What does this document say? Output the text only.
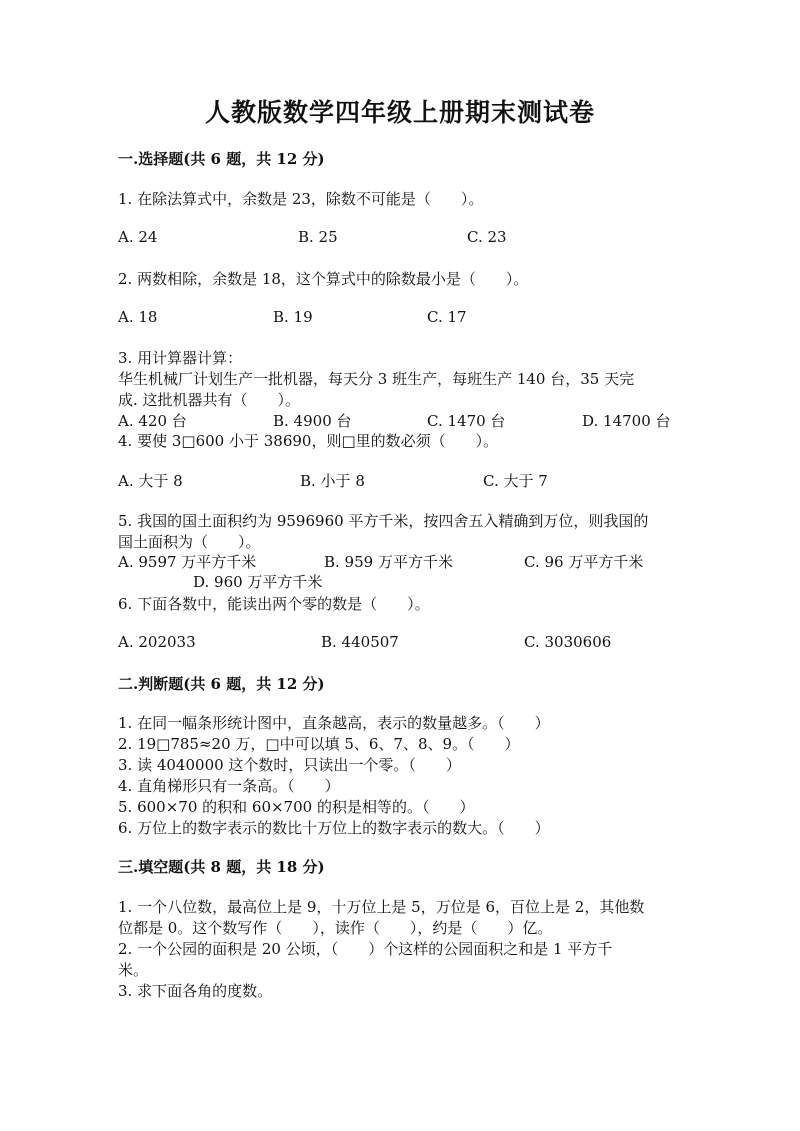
人教版数学四年级上册期末测试卷
一.选择题(共 6 题，共 12 分)
1. 在除法算式中，余数是 23，除数不可能是（　　）。
A. 24	B. 25	C. 23
2. 两数相除，余数是 18，这个算式中的除数最小是（　　）。
A. 18	B. 19	C. 17
3. 用计算器计算：
华生机械厂计划生产一批机器，每天分 3 班生产，每班生产 140 台，35 天完
成. 这批机器共有（　　）。
A. 420 台	B. 4900 台	C. 1470 台	D. 14700 台
4. 要使 3□600 小于 38690，则□里的数必须（　　）。
A. 大于 8	B. 小于 8	C. 大于 7
5. 我国的国土面积约为 9596960 平方千米，按四舍五入精确到万位，则我国的
国土面积为（　　）。
A. 9597 万平方千米	B. 959 万平方千米	C. 96 万平方千米
D. 960 万平方千米
6. 下面各数中，能读出两个零的数是（　　）。
A. 202033	B. 440507	C. 3030606
二.判断题(共 6 题，共 12 分)
1. 在同一幅条形统计图中，直条越高，表示的数量越多。（　　）
2. 19□785≈20 万，□中可以填 5、6、7、8、9。（　　）
3. 读 4040000 这个数时，只读出一个零。（　　）
4. 直角梯形只有一条高。（　　）
5. 600×70 的积和 60×700 的积是相等的。（　　）
6. 万位上的数字表示的数比十万位上的数字表示的数大。（　　）
三.填空题(共 8 题，共 18 分)
1. 一个八位数，最高位上是 9，十万位上是 5，万位是 6，百位上是 2，其他数
位都是 0。这个数写作（　　），读作（　　），约是（　　）亿。
2. 一个公园的面积是 20 公顷，（　　）个这样的公园面积之和是 1 平方千
米。
3. 求下面各角的度数。
